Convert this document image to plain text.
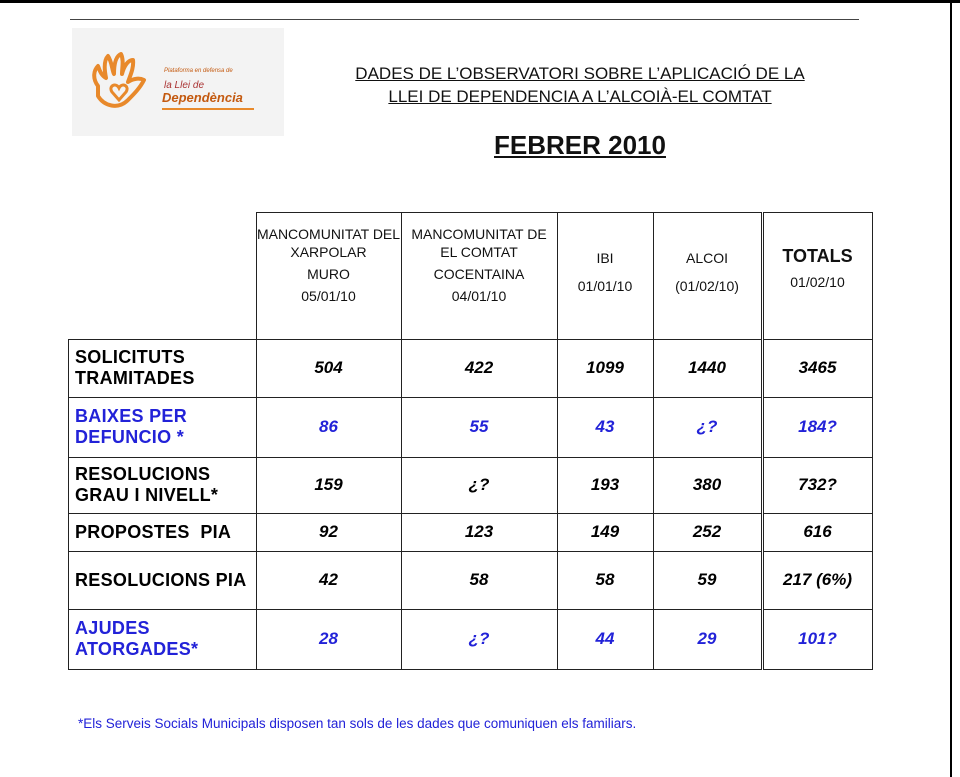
Plataforma en defensa de
la Llei de
Dependència
DADES DE L’OBSERVATORI SOBRE L’APLICACIÓ DE LA
LLEI DE DEPENDENCIA A L’ALCOIÀ-EL COMTAT
FEBRER 2010

	MANCOMUNITAT DEL XARPOLAR
MURO
05/01/10	MANCOMUNITAT DE EL COMTAT
COCENTAINA
04/01/10	IBI
01/01/10	ALCOI
(01/02/10)	TOTALS
01/02/10

SOLICITUTS TRAMITADES	504	422	1099	1440	3465
BAIXES PER DEFUNCIO *	86	55	43	¿?	184?
RESOLUCIONS GRAU I NIVELL*	159	¿?	193	380	732?
PROPOSTES  PIA	92	123	149	252	616
RESOLUCIONS PIA	42	58	58	59	217 (6%)
AJUDES ATORGADES*	28	¿?	44	29	101?
*Els Serveis Socials Municipals disposen tan sols de les dades que comuniquen els familiars.
